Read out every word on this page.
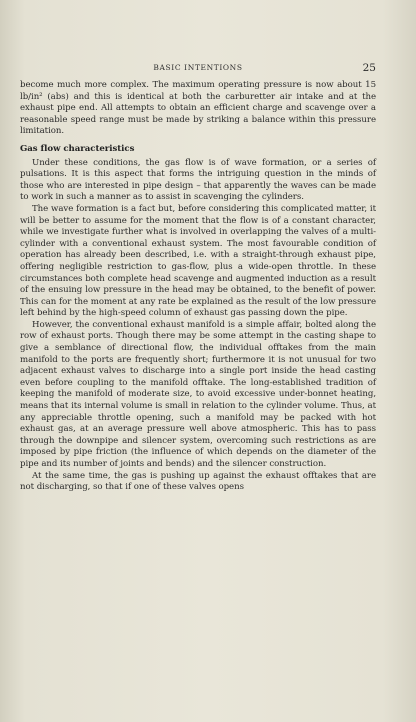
BASIC INTENTIONS	25

become much more complex. The maximum operating pressure is now about 15 lb/in² (abs) and this is identical at both the carburetter air intake and at the exhaust pipe end. All attempts to obtain an efficient charge and scavenge over a reasonable speed range must be made by striking a balance within this pressure limitation.

Gas flow characteristics

Under these conditions, the gas flow is of wave formation, or a series of pulsations. It is this aspect that forms the intriguing question in the minds of those who are interested in pipe design – that apparently the waves can be made to work in such a manner as to assist in scavenging the cylinders.

The wave formation is a fact but, before considering this complicated matter, it will be better to assume for the moment that the flow is of a constant character, while we investigate further what is involved in overlapping the valves of a multi-cylinder with a conventional exhaust system. The most favourable condition of operation has already been described, i.e. with a straight-through exhaust pipe, offering negligible restriction to gas-flow, plus a wide-open throttle. In these circumstances both complete head scavenge and augmented induction as a result of the ensuing low pressure in the head may be obtained, to the benefit of power. This can for the moment at any rate be explained as the result of the low pressure left behind by the high-speed column of exhaust gas passing down the pipe.

However, the conventional exhaust manifold is a simple affair, bolted along the row of exhaust ports. Though there may be some attempt in the casting shape to give a semblance of directional flow, the individual offtakes from the main manifold to the ports are frequently short; furthermore it is not unusual for two adjacent exhaust valves to discharge into a single port inside the head casting even before coupling to the manifold offtake. The long-established tradition of keeping the manifold of moderate size, to avoid excessive under-bonnet heating, means that its internal volume is small in relation to the cylinder volume. Thus, at any appreciable throttle opening, such a manifold may be packed with hot exhaust gas, at an average pressure well above atmospheric. This has to pass through the downpipe and silencer system, overcoming such restrictions as are imposed by pipe friction (the influence of which depends on the diameter of the pipe and its number of joints and bends) and the silencer construction.

At the same time, the gas is pushing up against the exhaust offtakes that are not discharging, so that if one of these valves opens
